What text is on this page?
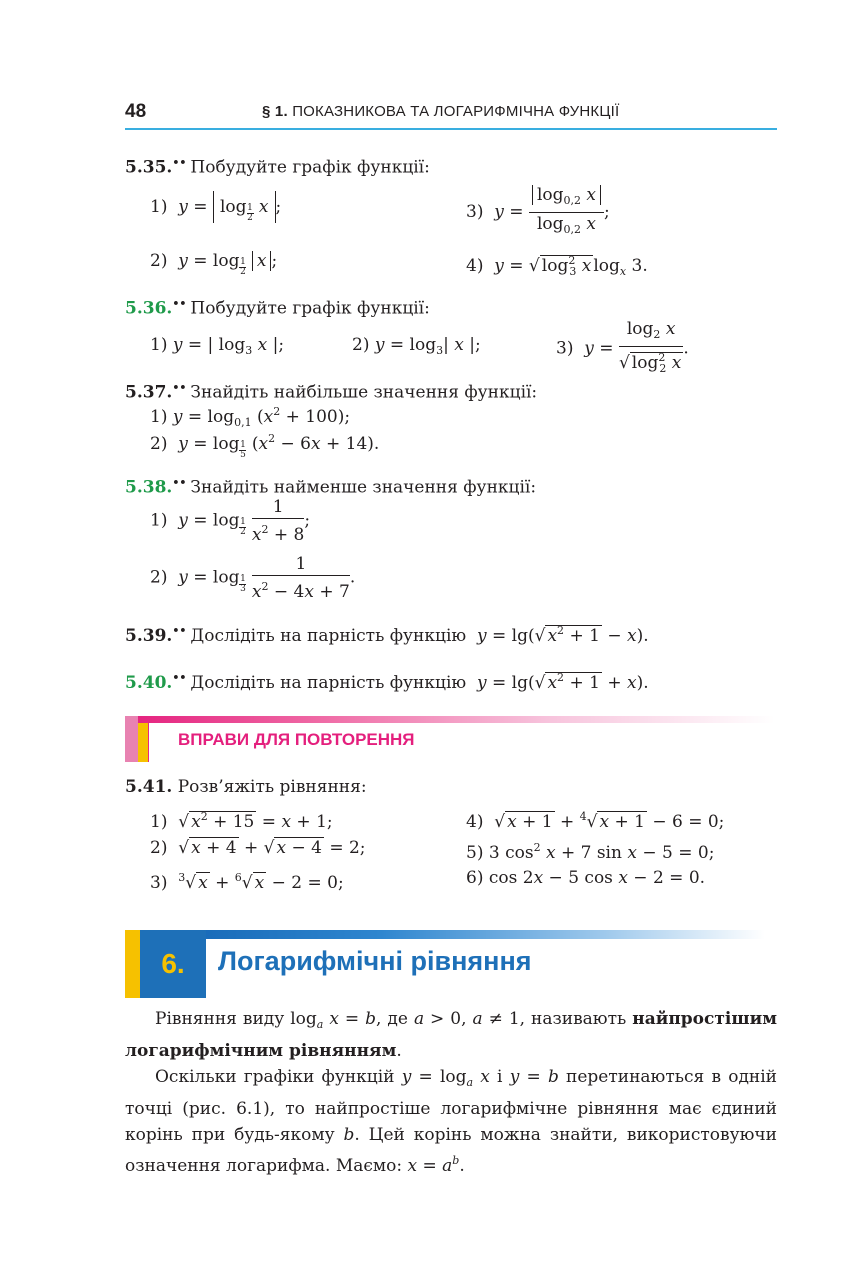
48	§ 1. ПОКАЗНИКОВА ТА ЛОГАРИФМІЧНА ФУНКЦІЇ
5.35.•• Побудуйте графік функції:
1)  $y = \log \frac{1}{2}$ x ;	3)  $y = \frac{\log_{0,2} x}{\log_{0,2} x}$ ;
2)  $y = \log \frac{1}{2}$ x ;	4)  y = √ $\log^2_3 x$ $\log_x 3$.
5.36.•• Побудуйте графік функції:
1) y = | $\log_3 x$ |;	2) $y = \log_3|$ x |;	3)  $y = \frac{\log_2 x}{√ \log^2_2 x}$ .
5.37.•• Знайдіть найбільше значення функції:
1) $y = \log_{0,1} (x^2 + 100)$;
2)  $y = \log \frac{1}{5} (x^2 - 6x + 14)$.
5.38.•• Знайдіть найменше значення функції:
1)  $y = \log \frac{1}{2}$
$\frac{1}{x^2 + 8}$ ;
2)  $y = \log \frac{1}{3}$
$\frac{1}{x^2 - 4x + 7}$ .
5.39.•• Дослідіть на парність функцію y = lg(√ $x^2 + 1 - x$).
5.40.•• Дослідіть на парність функцію y = lg(√ $x^2 + 1 + x$).
ВПРАВИ ДЛЯ ПОВТОРЕННЯ
5.41. Розв’яжіть рівняння:
1)  √ $x^2 + 15 = x + 1$;	4)  √ x + 1 + $^4$√ x + 1 − 6 = 0;
2)  √ x + 4 + √ x − 4 = 2;	5) 3 $\cos^2 x + 7$ sin x − 5 = 0;
3)  $^3$√ x + $^6$√ x − 2 = 0;	6) cos 2x − 5 cos x − 2 = 0.
6.	Логарифмічні рівняння

Рівняння виду $\log_a x = b$, де a > 0, a ≠ 1, називають найпростішим логарифмічним рівнянням.

Оскільки графіки функцій $y = \log_a x$ і y = b перетинаються в одній точці (рис. 6.1), то найпростіше логарифмічне рівняння має єдиний корінь при будь-якому b. Цей корінь можна знайти, використовуючи означення логарифма. Маємо: $x = a^b$.
